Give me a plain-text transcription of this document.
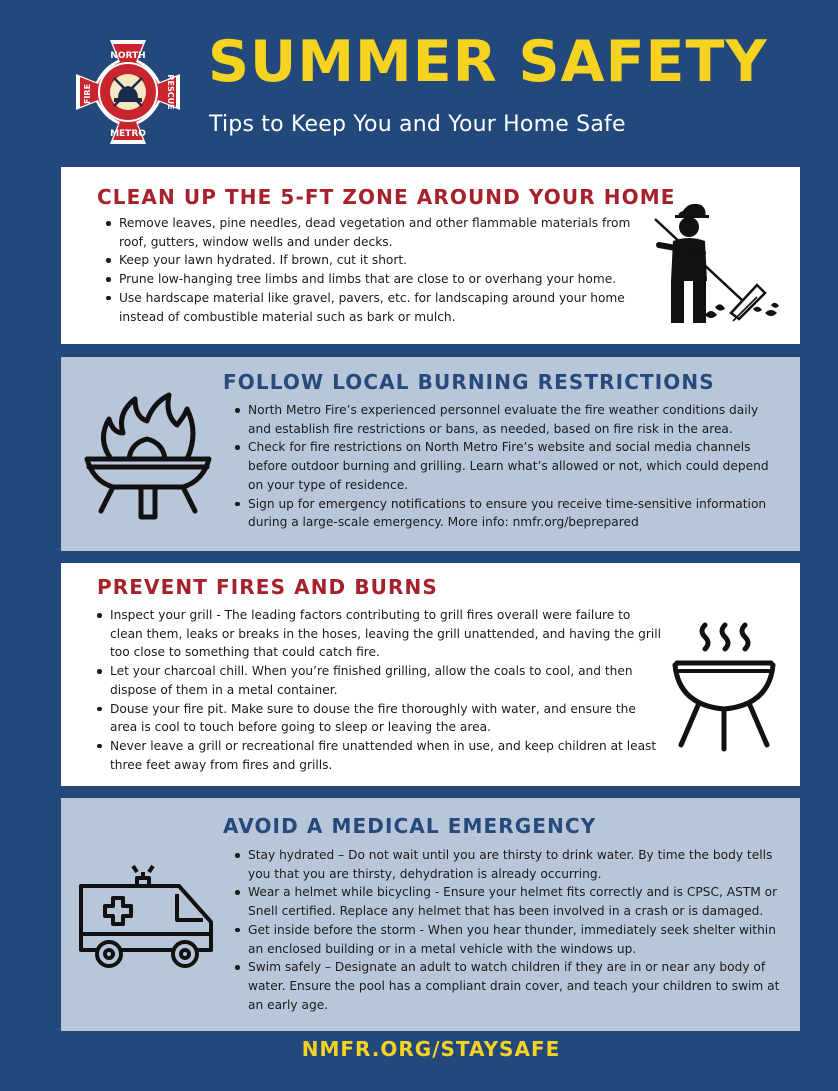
NORTH
METRO
FIRE	RESCUE SUMMER SAFETY
Tips to Keep You and Your Home Safe
CLEAN UP THE 5-FT ZONE AROUND YOUR HOME
Remove leaves, pine needles, dead vegetation and other flammable materials from roof, gutters, window wells and under decks.
Keep your lawn hydrated. If brown, cut it short.
Prune low-hanging tree limbs and limbs that are close to or overhang your home.
Use hardscape material like gravel, pavers, etc. for landscaping around your home instead of combustible material such as bark or mulch.
FOLLOW LOCAL BURNING RESTRICTIONS
North Metro Fire’s experienced personnel evaluate the fire weather conditions daily and establish fire restrictions or bans, as needed, based on fire risk in the area.
Check for fire restrictions on North Metro Fire’s website and social media channels before outdoor burning and grilling. Learn what’s allowed or not, which could depend on your type of residence.
Sign up for emergency notifications to ensure you receive time-sensitive information during a large-scale emergency. More info: nmfr.org/beprepared
PREVENT FIRES AND BURNS
Inspect your grill - The leading factors contributing to grill fires overall were failure to clean them, leaks or breaks in the hoses, leaving the grill unattended, and having the grill too close to something that could catch fire.
Let your charcoal chill. When you’re finished grilling, allow the coals to cool, and then dispose of them in a metal container.
Douse your fire pit. Make sure to douse the fire thoroughly with water, and ensure the area is cool to touch before going to sleep or leaving the area.
Never leave a grill or recreational fire unattended when in use, and keep children at least three feet away from fires and grills.
AVOID A MEDICAL EMERGENCY
Stay hydrated – Do not wait until you are thirsty to drink water. By time the body tells you that you are thirsty, dehydration is already occurring.
Wear a helmet while bicycling - Ensure your helmet fits correctly and is CPSC, ASTM or Snell certified. Replace any helmet that has been involved in a crash or is damaged.
Get inside before the storm - When you hear thunder, immediately seek shelter within an enclosed building or in a metal vehicle with the windows up.
Swim safely – Designate an adult to watch children if they are in or near any body of water. Ensure the pool has a compliant drain cover, and teach your children to swim at an early age.
NMFR.ORG/STAYSAFE
